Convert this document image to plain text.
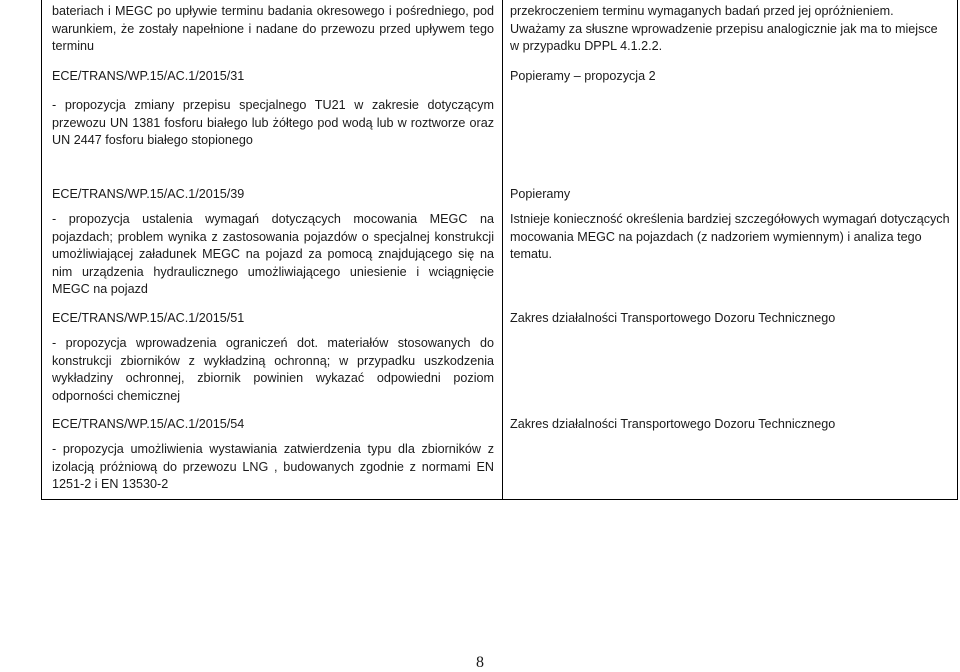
bateriach i MEGC po upływie terminu badania okresowego i pośredniego, pod warunkiem, że zostały napełnione i nadane do przewozu przed upływem tego terminu
przekroczeniem terminu wymaganych badań przed jej opróżnieniem. Uważamy za słuszne wprowadzenie przepisu analogicznie jak ma to miejsce w przypadku DPPL 4.1.2.2.
ECE/TRANS/WP.15/AC.1/2015/31
- propozycja zmiany przepisu specjalnego TU21 w zakresie dotyczącym przewozu UN 1381 fosforu białego lub żółtego pod wodą lub w roztworze oraz UN 2447 fosforu białego stopionego
Popieramy – propozycja 2
ECE/TRANS/WP.15/AC.1/2015/39
- propozycja ustalenia wymagań dotyczących mocowania MEGC na pojazdach; problem wynika z zastosowania pojazdów o specjalnej konstrukcji umożliwiającej załadunek MEGC na pojazd za pomocą znajdującego się na nim urządzenia hydraulicznego umożliwiającego uniesienie i wciągnięcie MEGC na pojazd
Popieramy
Istnieje konieczność określenia bardziej szczegółowych wymagań dotyczących mocowania MEGC na pojazdach (z nadzoriem wymiennym) i analiza tego tematu.
ECE/TRANS/WP.15/AC.1/2015/51
- propozycja wprowadzenia ograniczeń dot. materiałów stosowanych do konstrukcji zbiorników z wykładziną ochronną; w przypadku uszkodzenia wykładziny ochronnej, zbiornik powinien wykazać odpowiedni poziom odporności chemicznej
Zakres działalności Transportowego Dozoru Technicznego
ECE/TRANS/WP.15/AC.1/2015/54
- propozycja umożliwienia wystawiania zatwierdzenia typu dla zbiorników z izolacją próżniową do przewozu LNG , budowanych zgodnie z normami EN 1251-2 i EN 13530-2
Zakres działalności Transportowego Dozoru Technicznego
8
